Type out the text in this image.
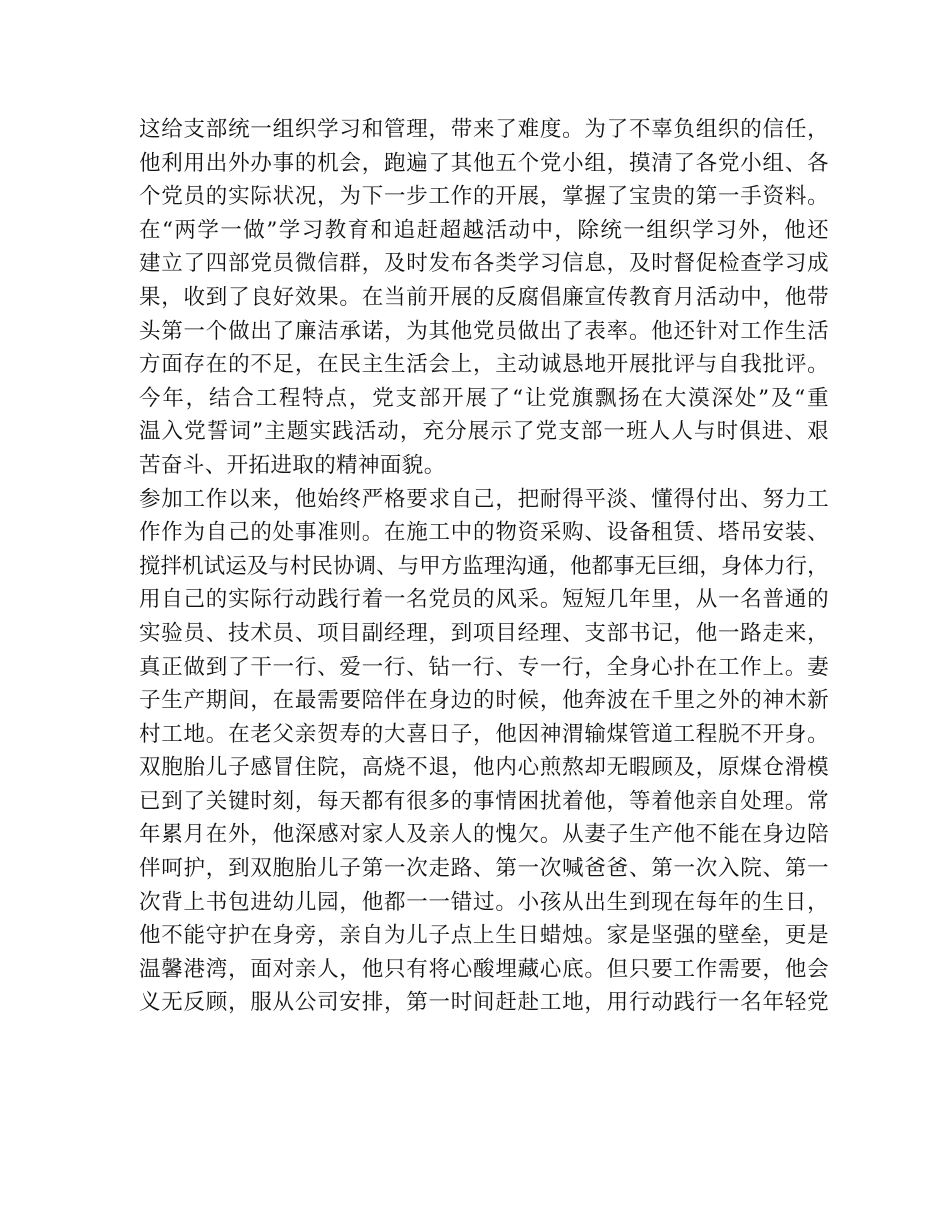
这给支部统一组织学习和管理，带来了难度。为了不辜负组织的信任，
他利用出外办事的机会，跑遍了其他五个党小组，摸清了各党小组、各
个党员的实际状况，为下一步工作的开展，掌握了宝贵的第一手资料。
在“两学一做”学习教育和追赶超越活动中，除统一组织学习外，他还
建立了四部党员微信群，及时发布各类学习信息，及时督促检查学习成
果，收到了良好效果。在当前开展的反腐倡廉宣传教育月活动中，他带
头第一个做出了廉洁承诺，为其他党员做出了表率。他还针对工作生活
方面存在的不足，在民主生活会上，主动诚恳地开展批评与自我批评。
今年，结合工程特点，党支部开展了“让党旗飘扬在大漠深处”及“重
温入党誓词”主题实践活动，充分展示了党支部一班人人与时俱进、艰
苦奋斗、开拓进取的精神面貌。
参加工作以来，他始终严格要求自己，把耐得平淡、懂得付出、努力工
作作为自己的处事准则。在施工中的物资采购、设备租赁、塔吊安装、
搅拌机试运及与村民协调、与甲方监理沟通，他都事无巨细，身体力行，
用自己的实际行动践行着一名党员的风采。短短几年里，从一名普通的
实验员、技术员、项目副经理，到项目经理、支部书记，他一路走来，
真正做到了干一行、爱一行、钻一行、专一行，全身心扑在工作上。妻
子生产期间，在最需要陪伴在身边的时候，他奔波在千里之外的神木新
村工地。在老父亲贺寿的大喜日子，他因神渭输煤管道工程脱不开身。
双胞胎儿子感冒住院，高烧不退，他内心煎熬却无暇顾及，原煤仓滑模
已到了关键时刻，每天都有很多的事情困扰着他，等着他亲自处理。常
年累月在外，他深感对家人及亲人的愧欠。从妻子生产他不能在身边陪
伴呵护，到双胞胎儿子第一次走路、第一次喊爸爸、第一次入院、第一
次背上书包进幼儿园，他都一一错过。小孩从出生到现在每年的生日，
他不能守护在身旁，亲自为儿子点上生日蜡烛。家是坚强的壁垒，更是
温馨港湾，面对亲人，他只有将心酸埋藏心底。但只要工作需要，他会
义无反顾，服从公司安排，第一时间赶赴工地，用行动践行一名年轻党
